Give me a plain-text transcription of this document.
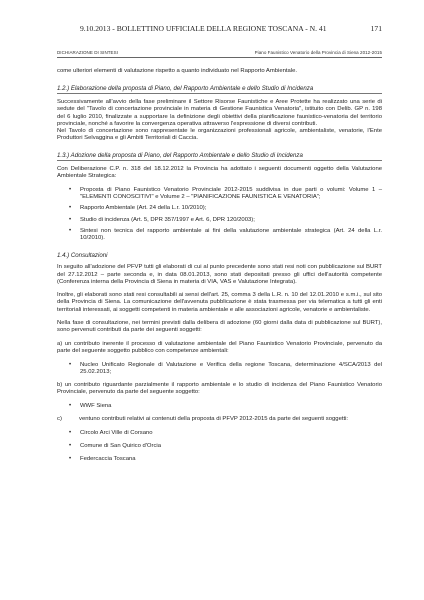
9.10.2013 - BOLLETTINO UFFICIALE DELLA REGIONE TOSCANA - N. 41	171
DICHIARAZIONE DI SINTESI	Piano Faunistico Venatorio della Provincia di Siena 2012-2015

come ulteriori elementi di valutazione rispetto a quanto individuato nel Rapporto Ambientale.

1.2.) Elaborazione della proposta di Piano, del Rapporto Ambientale e dello Studio di Incidenza

Successivamente all'avvio della fase preliminare il Settore Risorse Faunistiche e Aree Protette ha realizzato una serie di sedute del "Tavolo di concertazione provinciale in materia di Gestione Faunistica Venatoria", istituito con Delib. GP n. 198 del 6 luglio 2010, finalizzate a supportare la definizione degli obiettivi della pianificazione faunistico-venatoria del territorio provinciale, nonché a favorire la convergenza operativa attraverso l'espressione di diversi contributi.

Nel Tavolo di concertazione sono rappresentate le organizzazioni professionali agricole, ambientaliste, venatorie, l'Ente Produttori Selvaggina e gli Ambiti Territoriali di Caccia.

1.3.) Adozione della proposta di Piano, del Rapporto Ambientale e dello Studio di Incidenza

Con Deliberazione C.P. n. 318 del 18.12.2012 la Provincia ha adottato i seguenti documenti oggetto della Valutazione Ambientale Strategica:

• Proposta di Piano Faunistico Venatorio Provinciale 2012-2015 suddivisa in due parti o volumi: Volume 1 – "ELEMENTI CONOSCITIVI" e Volume 2 – "PIANIFICAZIONE FAUNISTICA E VENATORIA";
• Rapporto Ambientale (Art. 24 della L.r. 10/2010);
• Studio di incidenza (Art. 5, DPR 357/1997 e Art. 6, DPR 120/2003);
• Sintesi non tecnica del rapporto ambientale ai fini della valutazione ambientale strategica (Art. 24 della L.r. 10/2010).
1.4.) Consultazioni

In seguito all'adozione del PFVP tutti gli elaborati di cui al punto precedente sono stati resi noti con pubblicazione sul BURT del 27.12.2012 – parte seconda e, in data 08.01.2013, sono stati depositati presso gli uffici dell'autorità competente (Conferenza interna della Provincia di Siena in materia di VIA, VAS e Valutazione Integrata).

Inoltre, gli elaborati sono stati resi consultabili ai sensi dell'art. 25, comma 3 della L.R. n. 10 del 12.01.2010 e s.m.i., sul sito della Provincia di Siena. La comunicazione dell'avvenuta pubblicazione è stata trasmessa per via telematica a tutti gli enti territoriali interessati, ai soggetti competenti in materia ambientale e alle associazioni agricole, venatorie e ambientaliste.

Nella fase di consultazione, nei termini previsti dalla delibera di adozione (60 giorni dalla data di pubblicazione sul BURT), sono pervenuti contributi da parte dei seguenti soggetti:

a) un contributo inerente il processo di valutazione ambientale del Piano Faunistico Venatorio Provinciale, pervenuto da parte del seguente soggetto pubblico con competenze ambientali:

• Nucleo Unificato Regionale di Valutazione e Verifica della regione Toscana, determinazione 4/SCA/2013 del 25.02.2013;

b) un contributo riguardante parzialmente il rapporto ambientale e lo studio di incidenza del Piano Faunistico Venatorio Provinciale, pervenuto da parte del seguente soggetto:

• WWF Siena

c)	ventuno contributi relativi ai contenuti della proposta di PFVP 2012-2015 da parte dei seguenti soggetti:

• Circolo Arci Ville di Corsano
• Comune di San Quirico d'Orcia
• Federcaccia Toscana
